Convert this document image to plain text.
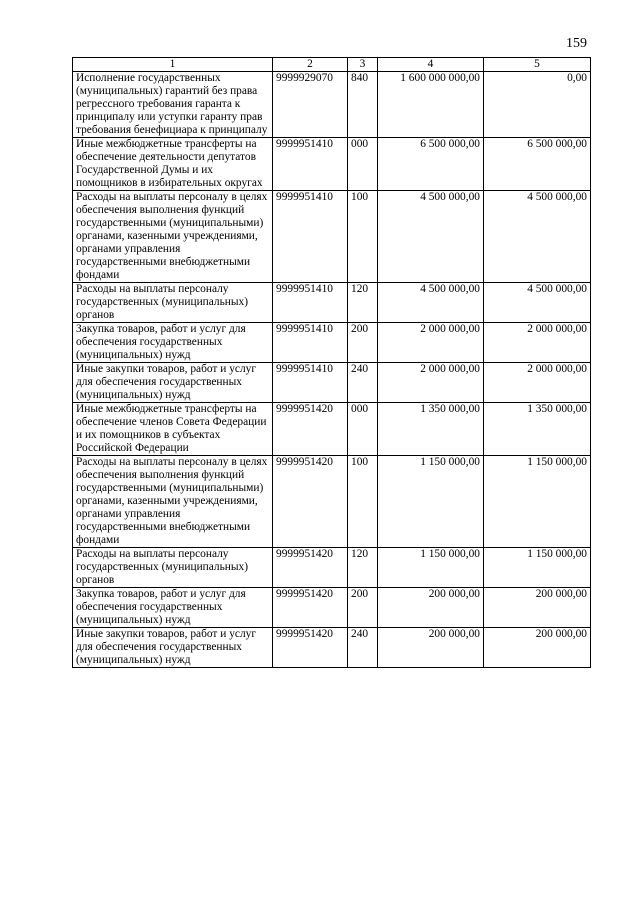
159
1	2	3	4	5
Исполнение государственных (муниципальных) гарантий без права регрессного требования гаранта к принципалу или уступки гаранту прав требования бенефициара к принципалу	9999929070	840	1 600 000 000,00	0,00
Иные межбюджетные трансферты на обеспечение деятельности депутатов Государственной Думы и их помощников в избирательных округах	9999951410	000	6 500 000,00	6 500 000,00
Расходы на выплаты персоналу в целях обеспечения выполнения функций государственными (муниципальными) органами, казенными учреждениями, органами управления государственными внебюджетными фондами	9999951410	100	4 500 000,00	4 500 000,00
Расходы на выплаты персоналу государственных (муниципальных) органов	9999951410	120	4 500 000,00	4 500 000,00
Закупка товаров, работ и услуг для обеспечения государственных (муниципальных) нужд	9999951410	200	2 000 000,00	2 000 000,00
Иные закупки товаров, работ и услуг для обеспечения государственных (муниципальных) нужд	9999951410	240	2 000 000,00	2 000 000,00
Иные межбюджетные трансферты на обеспечение членов Совета Федерации и их помощников в субъектах Российской Федерации	9999951420	000	1 350 000,00	1 350 000,00
Расходы на выплаты персоналу в целях обеспечения выполнения функций государственными (муниципальными) органами, казенными учреждениями, органами управления государственными внебюджетными фондами	9999951420	100	1 150 000,00	1 150 000,00
Расходы на выплаты персоналу государственных (муниципальных) органов	9999951420	120	1 150 000,00	1 150 000,00
Закупка товаров, работ и услуг для обеспечения государственных (муниципальных) нужд	9999951420	200	200 000,00	200 000,00
Иные закупки товаров, работ и услуг для обеспечения государственных (муниципальных) нужд	9999951420	240	200 000,00	200 000,00
